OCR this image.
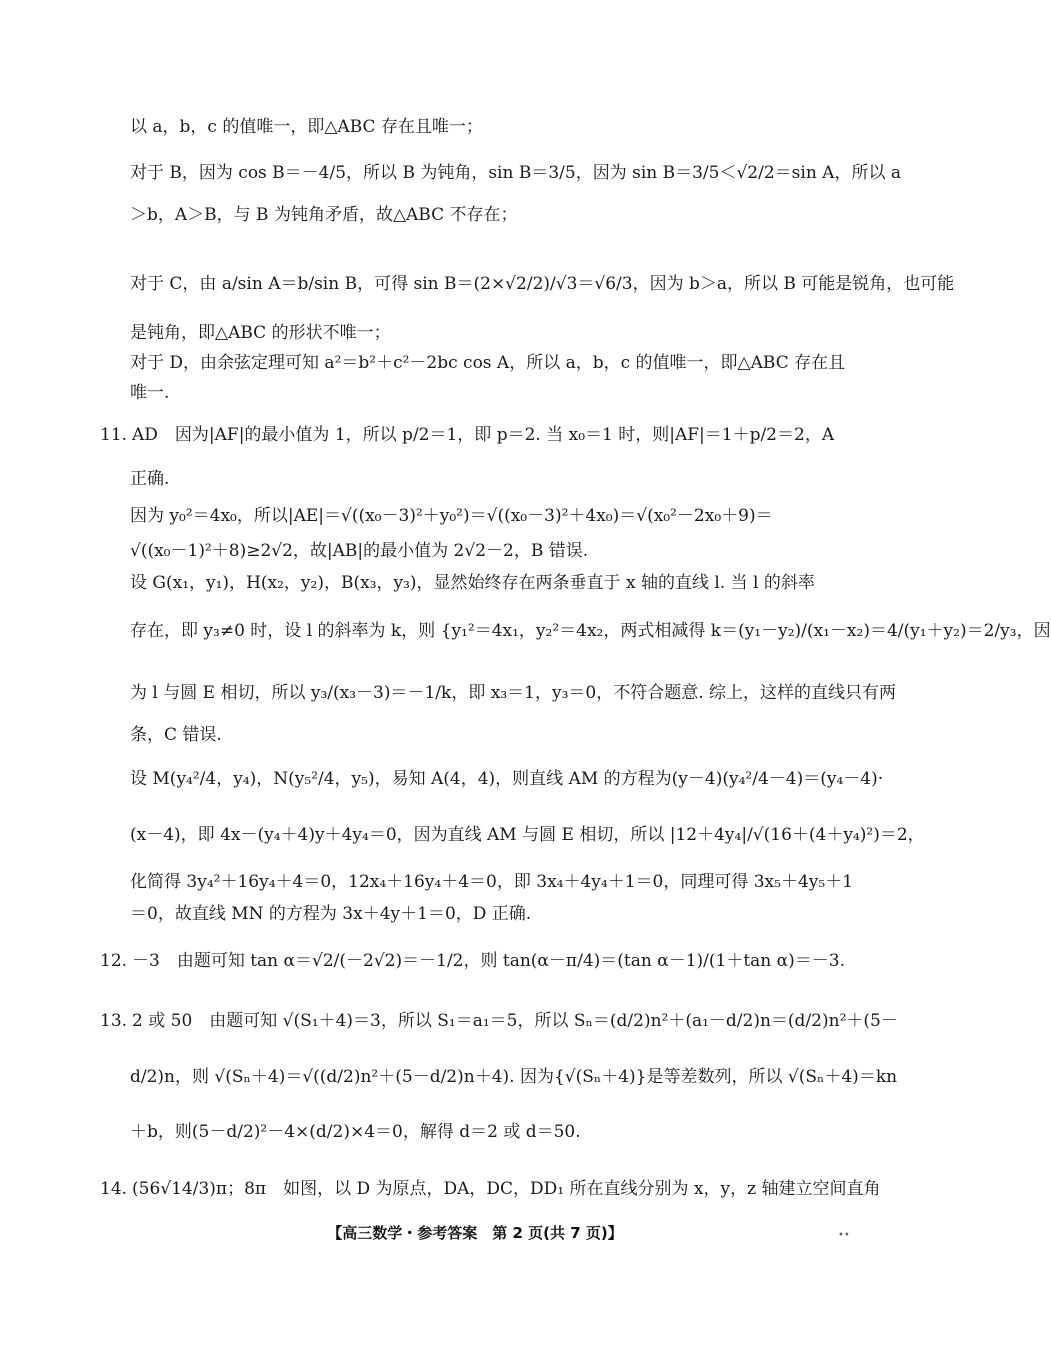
以 a，b，c 的值唯一，即△ABC 存在且唯一；
对于 B，因为 cos B＝－4/5，所以 B 为钝角，sin B＝3/5，因为 sin B＝3/5＜√2/2＝sin A，所以 a
＞b，A＞B，与 B 为钝角矛盾，故△ABC 不存在；
对于 C，由 a/sin A＝b/sin B，可得 sin B＝(2×√2/2)/√3＝√6/3，因为 b＞a，所以 B 可能是锐角，也可能
是钝角，即△ABC 的形状不唯一；
对于 D，由余弦定理可知 a²＝b²＋c²－2bc cos A，所以 a，b，c 的值唯一，即△ABC 存在且
唯一.
11. AD　因为|AF|的最小值为 1，所以 p/2＝1，即 p＝2. 当 x₀＝1 时，则|AF|＝1＋p/2＝2，A
正确.
因为 y₀²＝4x₀，所以|AE|＝√((x₀－3)²＋y₀²)＝√((x₀－3)²＋4x₀)＝√(x₀²－2x₀＋9)＝
√((x₀－1)²＋8)≥2√2，故|AB|的最小值为 2√2－2，B 错误.
设 G(x₁，y₁)，H(x₂，y₂)，B(x₃，y₃)，显然始终存在两条垂直于 x 轴的直线 l. 当 l 的斜率
存在，即 y₃≠0 时，设 l 的斜率为 k，则 {y₁²＝4x₁，y₂²＝4x₂，两式相减得 k＝(y₁－y₂)/(x₁－x₂)＝4/(y₁＋y₂)＝2/y₃，因
为 l 与圆 E 相切，所以 y₃/(x₃－3)＝－1/k，即 x₃＝1，y₃＝0，不符合题意. 综上，这样的直线只有两
条，C 错误.
设 M(y₄²/4，y₄)，N(y₅²/4，y₅)，易知 A(4，4)，则直线 AM 的方程为(y－4)(y₄²/4－4)＝(y₄－4)·
(x－4)，即 4x－(y₄＋4)y＋4y₄＝0，因为直线 AM 与圆 E 相切，所以 |12＋4y₄|/√(16＋(4＋y₄)²)＝2，
化简得 3y₄²＋16y₄＋4＝0，12x₄＋16y₄＋4＝0，即 3x₄＋4y₄＋1＝0，同理可得 3x₅＋4y₅＋1
＝0，故直线 MN 的方程为 3x＋4y＋1＝0，D 正确.
12. －3　由题可知 tan α＝√2/(－2√2)＝－1/2，则 tan(α－π/4)＝(tan α－1)/(1＋tan α)＝－3.
13. 2 或 50　由题可知 √(S₁＋4)＝3，所以 S₁＝a₁＝5，所以 Sₙ＝(d/2)n²＋(a₁－d/2)n＝(d/2)n²＋(5－
d/2)n，则 √(Sₙ＋4)＝√((d/2)n²＋(5－d/2)n＋4). 因为{√(Sₙ＋4)}是等差数列，所以 √(Sₙ＋4)＝kn
＋b，则(5－d/2)²－4×(d/2)×4＝0，解得 d＝2 或 d＝50.
14. (56√14/3)π；8π　如图，以 D 为原点，DA，DC，DD₁ 所在直线分别为 x，y，z 轴建立空间直角
【高三数学・参考答案　第 2 页(共 7 页)】	••
